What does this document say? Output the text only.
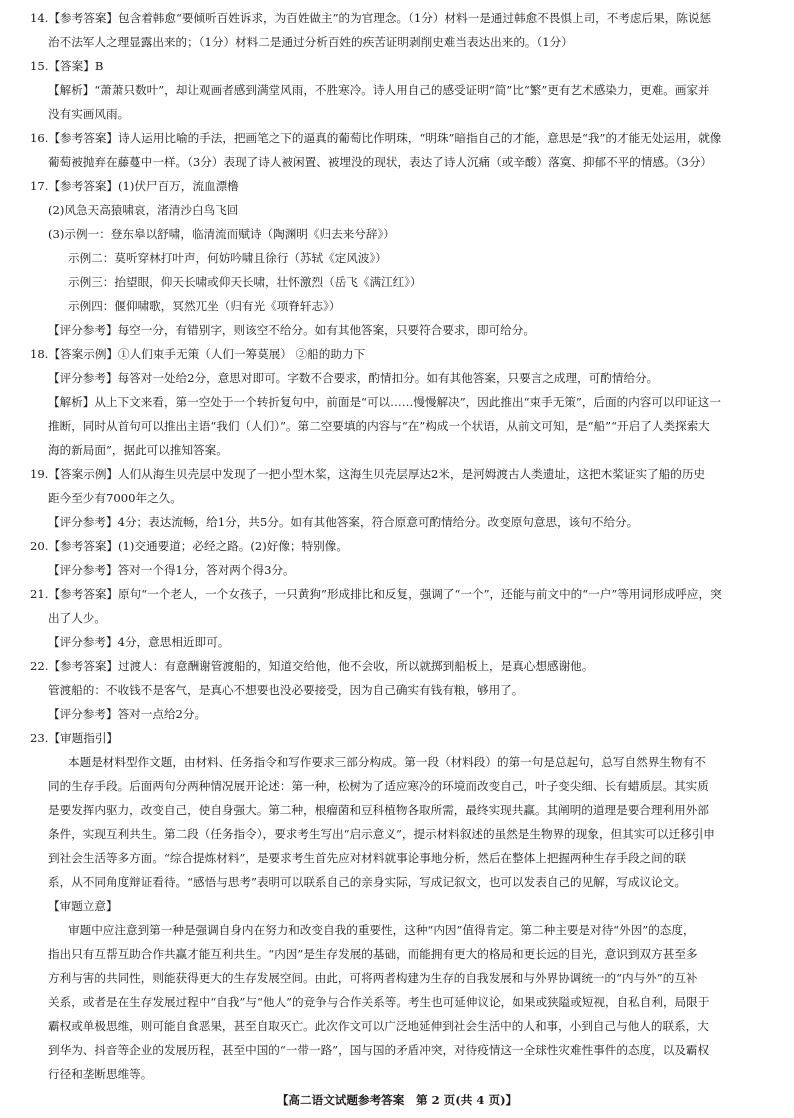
14.【参考答案】包含着韩愈“要倾听百姓诉求，为百姓做主”的为官理念。（1分）材料一是通过韩愈不畏惧上司，不考虑后果，陈说惩
治不法军人之理显露出来的；（1分）材料二是通过分析百姓的疾苦证明剥削史难当表达出来的。（1分）
15.【答案】B
【解析】“萧萧只数叶”，却让观画者感到满堂风雨，不胜寒冷。诗人用自己的感受证明“简”比“繁”更有艺术感染力，更难。画家并
没有实画风雨。
16.【参考答案】诗人运用比喻的手法，把画笔之下的逼真的葡萄比作明珠，“明珠”暗指自己的才能，意思是“我”的才能无处运用，就像
葡萄被抛弃在藤蔓中一样。（3分）表现了诗人被闲置、被埋没的现状，表达了诗人沉痛（或辛酸）落寞、抑郁不平的情感。（3分）
17.【参考答案】(1)伏尸百万，流血漂橹
(2)风急天高猿啸哀，渚清沙白鸟飞回
(3)示例一：登东皋以舒啸，临清流而赋诗（陶渊明《归去来兮辞》）
示例二：莫听穿林打叶声，何妨吟啸且徐行（苏轼《定风波》）
示例三：抬望眼，仰天长啸或仰天长啸，壮怀激烈（岳飞《满江红》）
示例四：偃仰啸歌，冥然兀坐（归有光《项脊轩志》）
【评分参考】每空一分，有错别字，则该空不给分。如有其他答案，只要符合要求，即可给分。
18.【答案示例】①人们束手无策（人们一筹莫展） ②船的助力下
【评分参考】每答对一处给2分，意思对即可。字数不合要求，酌情扣分。如有其他答案，只要言之成理，可酌情给分。
【解析】从上下文来看，第一空处于一个转折复句中，前面是“可以……慢慢解决”，因此推出“束手无策”，后面的内容可以印证这一
推断，同时从首句可以推出主语“我们（人们）”。第二空要填的内容与“在”构成一个状语，从前文可知，是“船”“开启了人类探索大
海的新局面”，据此可以推知答案。
19.【答案示例】人们从海生贝壳层中发现了一把小型木桨，这海生贝壳层厚达2米，是河姆渡古人类遗址，这把木桨证实了船的历史
距今至少有7000年之久。
【评分参考】4分；表达流畅，给1分，共5分。如有其他答案，符合原意可酌情给分。改变原句意思，该句不给分。
20.【参考答案】(1)交通要道；必经之路。(2)好像；特别像。
【评分参考】答对一个得1分，答对两个得3分。
21.【参考答案】原句“一个老人，一个女孩子，一只黄狗”形成排比和反复，强调了“一个”，还能与前文中的“一户”等用词形成呼应，突
出了人少。
【评分参考】4分，意思相近即可。
22.【参考答案】过渡人：有意酬谢管渡船的，知道交给他，他不会收，所以就掷到船板上，是真心想感谢他。
管渡船的：不收钱不是客气，是真心不想要也没必要接受，因为自己确实有钱有粮，够用了。
【评分参考】答对一点给2分。
23.【审题指引】
本题是材料型作文题，由材料、任务指令和写作要求三部分构成。第一段（材料段）的第一句是总起句，总写自然界生物有不
同的生存手段。后面两句分两种情况展开论述：第一种，松树为了适应寒冷的环境而改变自己，叶子变尖细、长有蜡质层。其实质
是要发挥内驱力，改变自己，使自身强大。第二种，根瘤菌和豆科植物各取所需，最终实现共赢。其阐明的道理是要合理利用外部
条件，实现互利共生。第二段（任务指令），要求考生写出“启示意义”，提示材料叙述的虽然是生物界的现象，但其实可以迁移引申
到社会生活等多方面。“综合提炼材料”，是要求考生首先应对材料就事论事地分析，然后在整体上把握两种生存手段之间的联
系，从不同角度辩证看待。“感悟与思考”表明可以联系自己的亲身实际，写成记叙文，也可以发表自己的见解，写成议论文。
【审题立意】
审题中应注意到第一种是强调自身内在努力和改变自我的重要性，这种“内因”值得肯定。第二种主要是对待“外因”的态度，
指出只有互帮互助合作共赢才能互利共生。“内因”是生存发展的基础，而能拥有更大的格局和更长远的目光，意识到双方甚至多
方利与害的共同性，则能获得更大的生存发展空间。由此，可将两者构建为生存的自我发展和与外界协调统一的“内与外”的互补
关系，或者是在生存发展过程中“自我”与“他人”的竞争与合作关系等。考生也可延伸议论，如果或狭隘或短视，自私自利，局限于
霸权或单极思维，则可能自食恶果，甚至自取灭亡。此次作文可以广泛地延伸到社会生活中的人和事，小到自己与他人的联系，大
到华为、抖音等企业的发展历程，甚至中国的“一带一路”，国与国的矛盾冲突，对待疫情这一全球性灾难性事件的态度，以及霸权
行径和垄断思维等。
【高二语文试题参考答案　第 2 页(共 4 页)】
